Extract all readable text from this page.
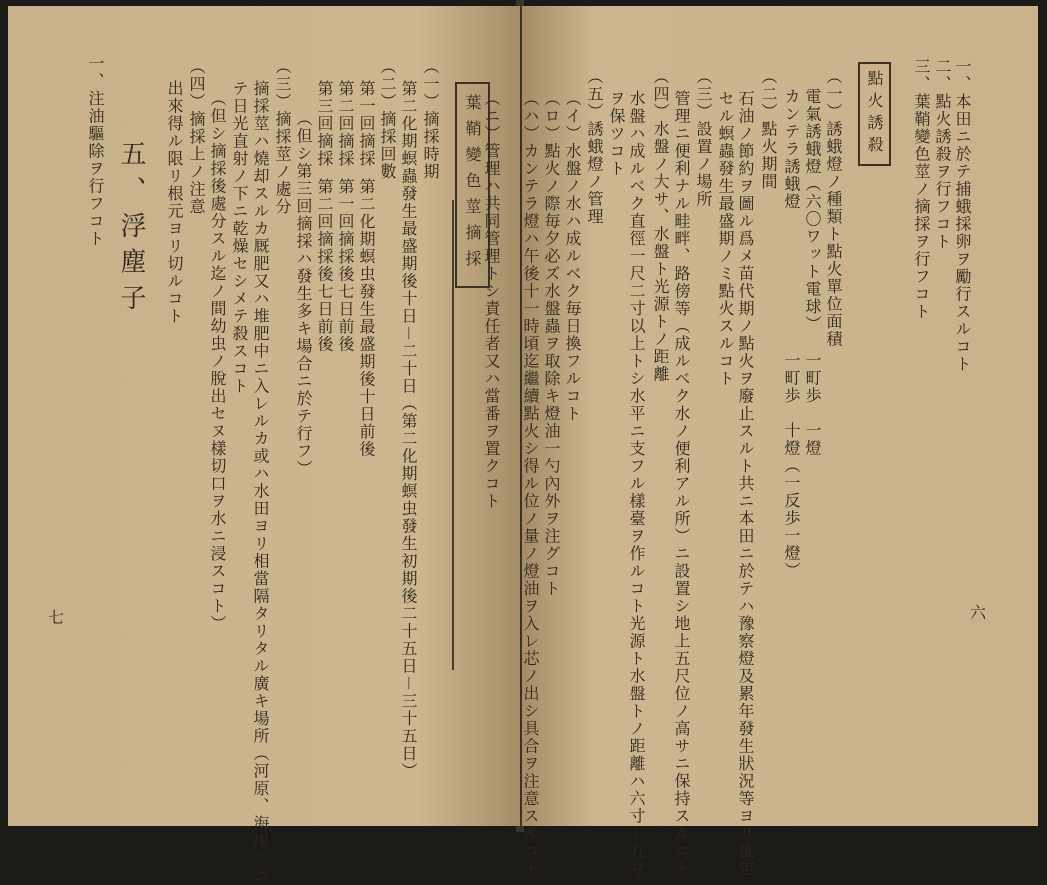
點火誘殺
六
葉鞘變色莖摘採
五、浮塵子
七
一、本田ニ於テ捕蛾採卵ヲ勵行スルコト
二、點火誘殺ヲ行フコト
三、葉鞘變色莖ノ摘採ヲ行フコト
（一）誘蛾燈ノ種類ト點火單位面積
電氣誘蛾燈（六〇ワット電球）
カンテラ誘蛾燈
（二）點火期間
石油ノ節約ヲ圖ル爲メ苗代期ノ點火ヲ廢止スルト共ニ本田ニ於テハ豫察燈及累年發生狀況等ヨリ推定
セル螟蟲發生最盛期ノミ點火スルコト
（三）設置ノ場所
管理ニ便利ナル畦畔、路傍等（成ルベク水ノ便利アル所）ニ設置シ地上五尺位ノ高サニ保持スルコト
（四）水盤ノ大サ、水盤ト光源トノ距離
水盤ハ成ルベク直徑一尺二寸以上トシ水平ニ支フル樣臺ヲ作ルコト光源ト水盤トノ距離ハ六寸－九寸
ヲ保ツコト
（五）誘蛾燈ノ管理
（イ）水盤ノ水ハ成ルベク毎日換フルコト
（ロ）點火ノ際毎夕必ズ水盤蟲ヲ取除キ燈油一勺內外ヲ注グコト
（ハ）カンテラ燈ハ午後十一時頃迄繼續點火シ得ル位ノ量ノ燈油ヲ入レ芯ノ出シ具合ヲ注意スルコト	一町歩　一燈
一町歩　十燈（一反歩一燈）
（ニ）管理ハ共同管理トシ責任者又ハ當番ヲ置クコト
（一）摘採時期
第二化期螟蟲發生最盛期後十日－二十日（第二化期螟虫發生初期後二十五日－三十五日）
（二）摘採回數
第一回摘採
第二化期螟虫發生最盛期後十日前後
第二回摘採
第一回摘採後七日前後
第三回摘採
第二回摘採後七日前後
（但シ第三回摘採ハ發生多キ場合ニ於テ行フ）
（三）摘採莖ノ處分
摘採莖ハ燒却スルカ厩肥又ハ堆肥中ニ入レルカ或ハ水田ヨリ相當隔タリタル廣キ場所（河原、海岸）ニ
テ日光直射ノ下ニ乾燥セシメテ殺スコト
（但シ摘採後處分スル迄ノ間幼虫ノ脫出セヌ樣切口ヲ水ニ浸スコト）
（四）摘採上ノ注意
出來得ル限リ根元ヨリ切ルコト
一、注油驅除ヲ行フコト
